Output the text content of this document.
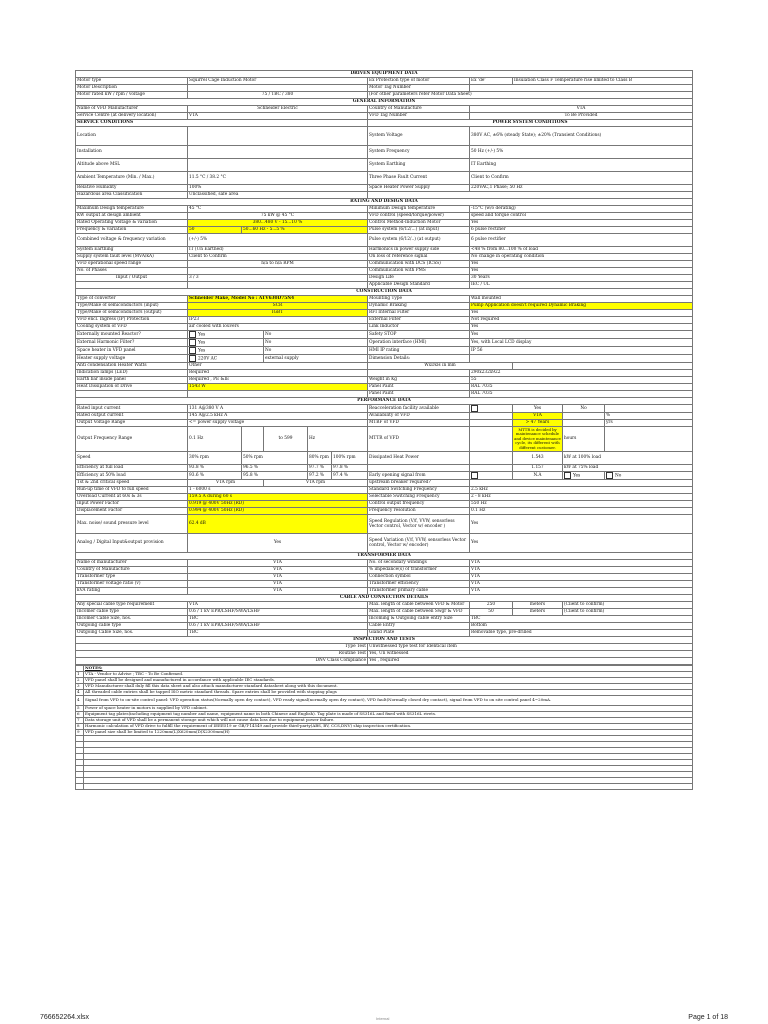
DRIVEN EQUIPMENT DATA										
Motor type	Squirrel Cage Induction Motor					Ex Protection type of motor	Ex 'de'	Insulation Class F Temperature rise limited to Class B		
Motor Description						Motor Tag Number				
Motor rated kW / rpm / voltage	75 / TBC / 380					(For other parameters refer Motor Data Sheet)				
GENERAL INFORMATION										
Name of VFD Manufacturer	Schneider Electric					Country of Manufacture	VTA			
Service Centre (at delivery location)	VTA					VFD Tag Number	To Be Provided			
SERVICE CONDITIONS						POWER SYSTEM CONDITIONS				
Location						System Voltage	380V AC, ±6% (steady State); ±20% (Transient Conditions)			
Installation						System Frequency	50 Hz (+/-) 5%			
Altitude above MSL						System Earthing	IT Earthing			
Ambient Temperature (Min. / Max.)	11.5 °C / 38.2 °C					Three Phase Fault Current	Client to Confirm			
Relative Humidity	100%					Space Heater Power Supply	220VAC,1 Phase; 50 Hz			
Hazardous area Classification	Unclassified, safe area									
RATING AND DESIGN DATA										
Maximum Design temperature	45 °C					Minimum Design temperature	-15°C (w/o derating)			
KW output at design ambient	75 kW @ 45 °C					VFD control (speed/torque/power)	speed and torque control			
Rated Operating Voltage & variation	380...480 V - 15...10 %					Control Method-Induction Motor	Yes			
Frequency & variation	50	50...60 Hz - 5...5 %				Pulse system (6/12/...) (at input)	6 pulse rectifier			
Combined voltage & frequency variation	(+/-) 5%					Pulse system (6/12/..) (at output)	6 pulse rectifier			
System Earthing	IT (Un Earthed)					Harmonics in power supply side	<48 % from 80...100 % of load			
Supply system fault level (MVA/kA)	Client to Confirm					On loss of reference signal	No change in operating condition			
VFD operational speed range	n/a to n/a RPM					Communication with DCS (ICSS)	Yes			
No. of Phases						Communication with PMS	Yes			
Input / Output	3 / 3					Design Life	30 Years			
						Applicable Design Standard	IEC / UL			
CONSTRUCTION DATA										
Type of converter	Schneider Make, Model No : ATV630D75N4					Mounting Type	Wall mounted			
Type/Make of semiconductors (input)	SCR					Dynamic Braking	Pump Application doesn't required Dynamic Braking			
Type/Make of semiconductors (output)	IGBT					RFI Internal Filter	Yes			
VFD encl. Ingress (IP) Protection	IP23					External Filter	Not required			
Cooling system of VFD	air cooled with louvers					Link Inductor	Yes			
Externally mounted Reactor?	Yes		No			Safety STOP	Yes			
External Harmonic Filter?	Yes		No			Operation interface (HMI)	Yes, with Local LCD display			
Space heater in VFD panel	Yes		No			HMI IP rating	IP 56			
Heater supply voltage	220V AC		external supply			Dimension Details:				
Anti condensation Heater Watts	Other					WxDxH in mm				
Indication lamps (LED)	Required						290x232x922			
Earth bar inside panel	Required , PE &IE					Weight in Kg	55			
Heat Dissipation of Drive	1543 W					Panel Paint	RAL 7035			
						Panel Paint	RAL 7035			
PERFORMANCE DATA										
Rated input current	131 A@380 V A					Reacceleration facility available		Yes	No	
Rated output current	145 A@2.5 kHz A					Availability of VFD		VTA		%
Output Voltage Range	<= power supply voltage					MTBF of VFD		> 47 Years		yrs
Output Frequency Range	0.1 Hz		to 599	Hz		MTTR of VFD		MTTR is decided by maintenance schedule and device maintenance cycle, its different with different customer.	hours	
Speed	30% rpm	50% rpm		80% rpm	100% rpm	Dissipated Heat Power		1.543	kW at 100% load	
Efficiency at full load	93.8 %	96.5 %		97.7 %	97.8 %			1.157	kW at 75% load	
Efficiency at 50% load	93.6 %	95.8 %		97.2 %	97.4 %	Early opening signal from		N.A	Yes	No
1st & 2nd critical speed	VTA rpm		VTA rpm			upstream breaker required?				
Run-up time of VFD to full speed	1 - 6000 s					Standard Switching Frequency	2.5 kHz			
Overload Current at 60s & 3s	159.5 A during 60 s					Selectable Switching Frequency	2 - 8 kHz			
Input Power Factor	0.919 @ 400V 50Hz (RD)					Control output frequency	550 Hz			
Displacement Factor	0.994 @ 400V 50Hz (RD)					Frequency resolution	0.1 Hz			
Max. noise/ sound pressure level	62.4 dB					Speed Regulation (V/f, VVW, sensorless Vector control, Vector w/ encoder )	Yes			
Analog / Digital Input&output provision	Yes					Speed Variation (V/f, VVW, sensorless Vector control, Vector w/ encoder)	Yes			
TRANSFORMER DATA										
Name of manufacturer	VTA					No. of secondary windings	VTA			
Country of Manufacture	VTA					% impedance(s) of transformer	VTA			
Transformer type	VTA					Connection symbol	VTA			
Transformer voltage ratio (v)	VTA					Transformer efficiency	VTA			
kVA rating	VTA					Transformer primary cable	VTA			
CABLE AND CONNECTION DETAILS										
Any special cable type requirement	VTA					Max. length of cable between VFD & Motor	250	meters	(Client to confirm)	
Incomer cable type	0.6 / 1 kV EPR/LSHF/SWA/LSHF					Max. length of cable between Swgr & VFD	50	meters	(Client to confirm)	
Incomer Cable Size, nos.	TBC					Incoming & Outgoing cable entry Size	TBC			
Outgoing cable type	0.6 / 1 kV EPR/LSHF/SWA/LSHF					Cable Entry	Bottom			
Outgoing Cable Size, nos.	TBC					Gland Plate	Removable type, pre-drilled			
INSPECTION AND TESTS										
Type Test						Unwitnessed type test for Identical item				
Routine Test						Yes, Un witnessed				
DNV Class Compliance						Yes , required				
	NOTES:
1	VTA - Vendor to Advise ; TBC - To Be Confirmed.
2	VFD panel shall be designed and manufactured in accordance with applicable IEC standards.
3	VFD Manufacturer shall duly fill this data sheet and also attach manufacturer standard datasheet along with this document.
4	All threaded cable entries shall be tapped ISO metric standard threads. Spare entries shall be provided with stopping plugs
4	Signal from VFD to on-site control panel: VFD operation status(Normally open dry contact), VFD ready signal(normally open dry contact), VFD fault(Normally closed dry contact), signal from VFD to on site control panel 4~20mA.
5	Power of space heater in motors is supplied by VFD cabinet.
6	Equipment tag plates(including equipment tag number and name, equipment name in both Chinese and English). Tag plate is made of SS316L and fixed with SS316L rivets.
7	Data storage unit of VFD shall be a permanent storage unit which will not cause data loss due to equipment power failure.
8	Harmonic calculation of VFD drive to fulfill the requirement of IEEE519 or GB/T-14549 and provide third-party(ABS, BV, CCS,DNV) ship inspection certification.
9	VFD panel size shall be limited to 1220mm(L)X620mm(D)X2300mm(H)

766652264.xlsx	Internal	Page 1 of 18
